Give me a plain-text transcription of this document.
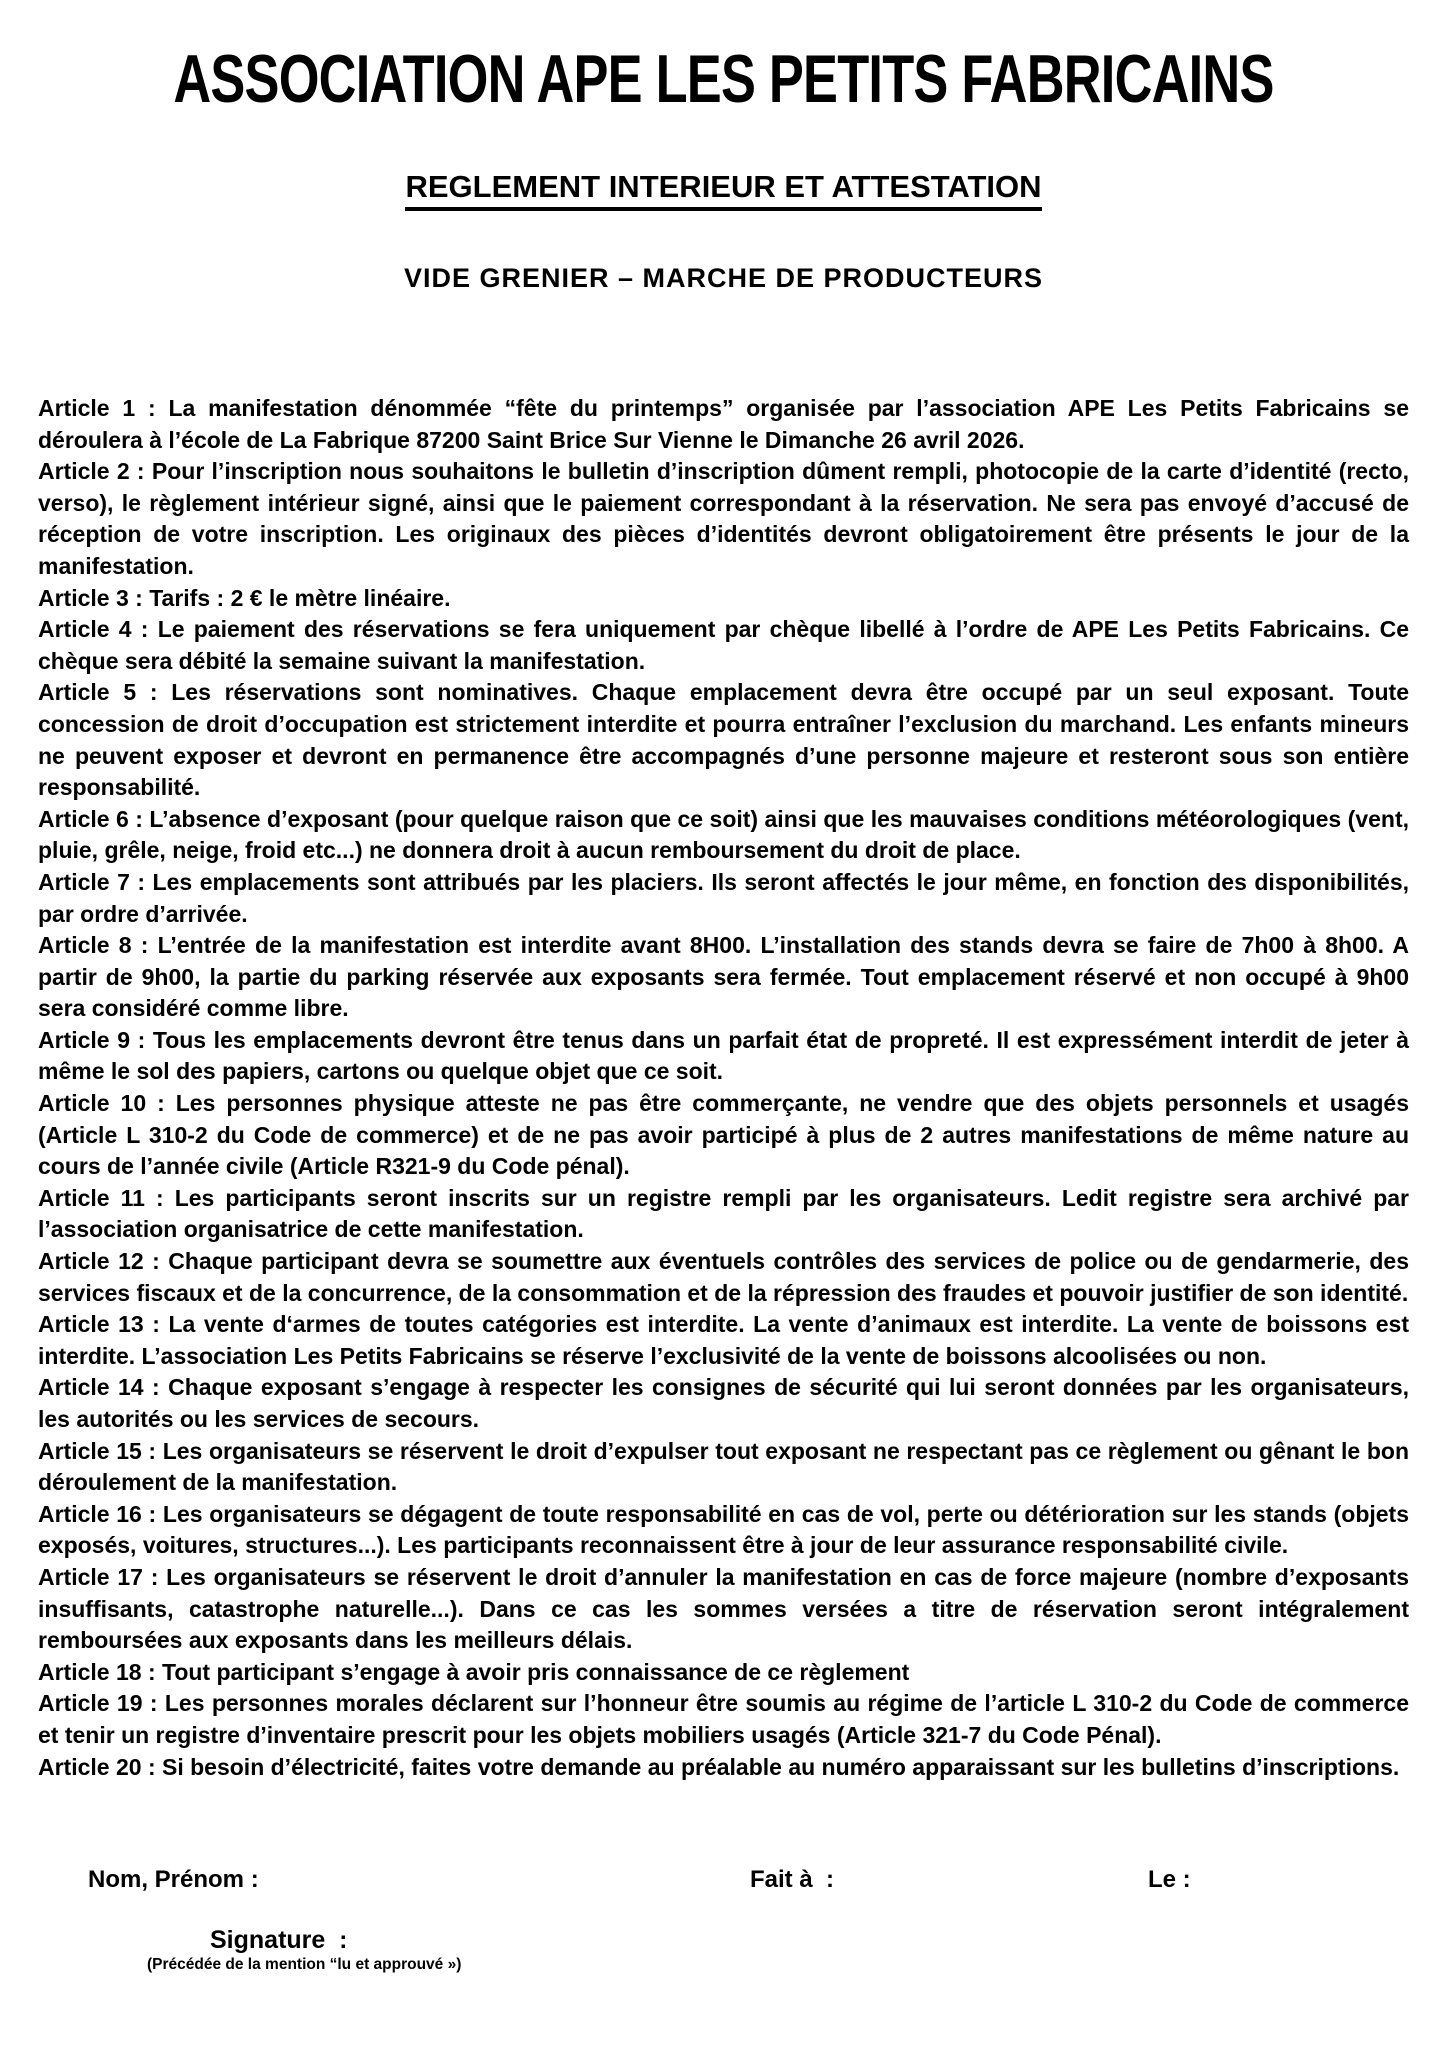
ASSOCIATION APE LES PETITS FABRICAINS
REGLEMENT INTERIEUR ET ATTESTATION
VIDE GRENIER – MARCHE DE PRODUCTEURS

Article 1 : La manifestation dénommée “fête du printemps” organisée par l’association APE Les Petits Fabricains se déroulera à l’école de La Fabrique 87200 Saint Brice Sur Vienne le Dimanche 26 avril 2026.

Article 2 : Pour l’inscription nous souhaitons le bulletin d’inscription dûment rempli, photocopie de la carte d’identité (recto, verso), le règlement intérieur signé, ainsi que le paiement correspondant à la réservation. Ne sera pas envoyé d’accusé de réception de votre inscription. Les originaux des pièces d’identités devront obligatoirement être présents le jour de la manifestation.

Article 3 : Tarifs : 2 € le mètre linéaire.

Article 4 : Le paiement des réservations se fera uniquement par chèque libellé à l’ordre de APE Les Petits Fabricains. Ce chèque sera débité la semaine suivant la manifestation.

Article 5 : Les réservations sont nominatives. Chaque emplacement devra être occupé par un seul exposant. Toute concession de droit d’occupation est strictement interdite et pourra entraîner l’exclusion du marchand. Les enfants mineurs ne peuvent exposer et devront en permanence être accompagnés d’une personne majeure et resteront sous son entière responsabilité.

Article 6 : L’absence d’exposant (pour quelque raison que ce soit) ainsi que les mauvaises conditions météorologiques (vent, pluie, grêle, neige, froid etc...) ne donnera droit à aucun remboursement du droit de place.

Article 7 : Les emplacements sont attribués par les placiers. Ils seront affectés le jour même, en fonction des disponibilités, par ordre d’arrivée.

Article 8 : L’entrée de la manifestation est interdite avant 8H00. L’installation des stands devra se faire de 7h00 à 8h00. A partir de 9h00, la partie du parking réservée aux exposants sera fermée. Tout emplacement réservé et non occupé à 9h00 sera considéré comme libre.

Article 9 : Tous les emplacements devront être tenus dans un parfait état de propreté. Il est expressément interdit de jeter à même le sol des papiers, cartons ou quelque objet que ce soit.

Article 10 : Les personnes physique atteste ne pas être commerçante, ne vendre que des objets personnels et usagés (Article L 310-2 du Code de commerce) et de ne pas avoir participé à plus de 2 autres manifestations de même nature au cours de l’année civile (Article R321-9 du Code pénal).

Article 11 : Les participants seront inscrits sur un registre rempli par les organisateurs. Ledit registre sera archivé par l’association organisatrice de cette manifestation.

Article 12 : Chaque participant devra se soumettre aux éventuels contrôles des services de police ou de gendarmerie, des services fiscaux et de la concurrence, de la consommation et de la répression des fraudes et pouvoir justifier de son identité.

Article 13 : La vente d‘armes de toutes catégories est interdite. La vente d’animaux est interdite. La vente de boissons est interdite. L’association Les Petits Fabricains se réserve l’exclusivité de la vente de boissons alcoolisées ou non.

Article 14 : Chaque exposant s’engage à respecter les consignes de sécurité qui lui seront données par les organisateurs, les autorités ou les services de secours.

Article 15 : Les organisateurs se réservent le droit d’expulser tout exposant ne respectant pas ce règlement ou gênant le bon déroulement de la manifestation.

Article 16 : Les organisateurs se dégagent de toute responsabilité en cas de vol, perte ou détérioration sur les stands (objets exposés, voitures, structures...). Les participants reconnaissent être à jour de leur assurance responsabilité civile.

Article 17 : Les organisateurs se réservent le droit d’annuler la manifestation en cas de force majeure (nombre d’exposants insuffisants, catastrophe naturelle...). Dans ce cas les sommes versées a titre de réservation seront intégralement remboursées aux exposants dans les meilleurs délais.

Article 18 : Tout participant s’engage à avoir pris connaissance de ce règlement

Article 19 : Les personnes morales déclarent sur l’honneur être soumis au régime de l’article L 310-2 du Code de commerce et tenir un registre d’inventaire prescrit pour les objets mobiliers usagés (Article 321-7 du Code Pénal).

Article 20 : Si besoin d’électricité, faites votre demande au préalable au numéro apparaissant sur les bulletins d’inscriptions.

Nom, Prénom :	Fait à  :	Le :
Signature  :
(Précédée de la mention “lu et approuvé »)
